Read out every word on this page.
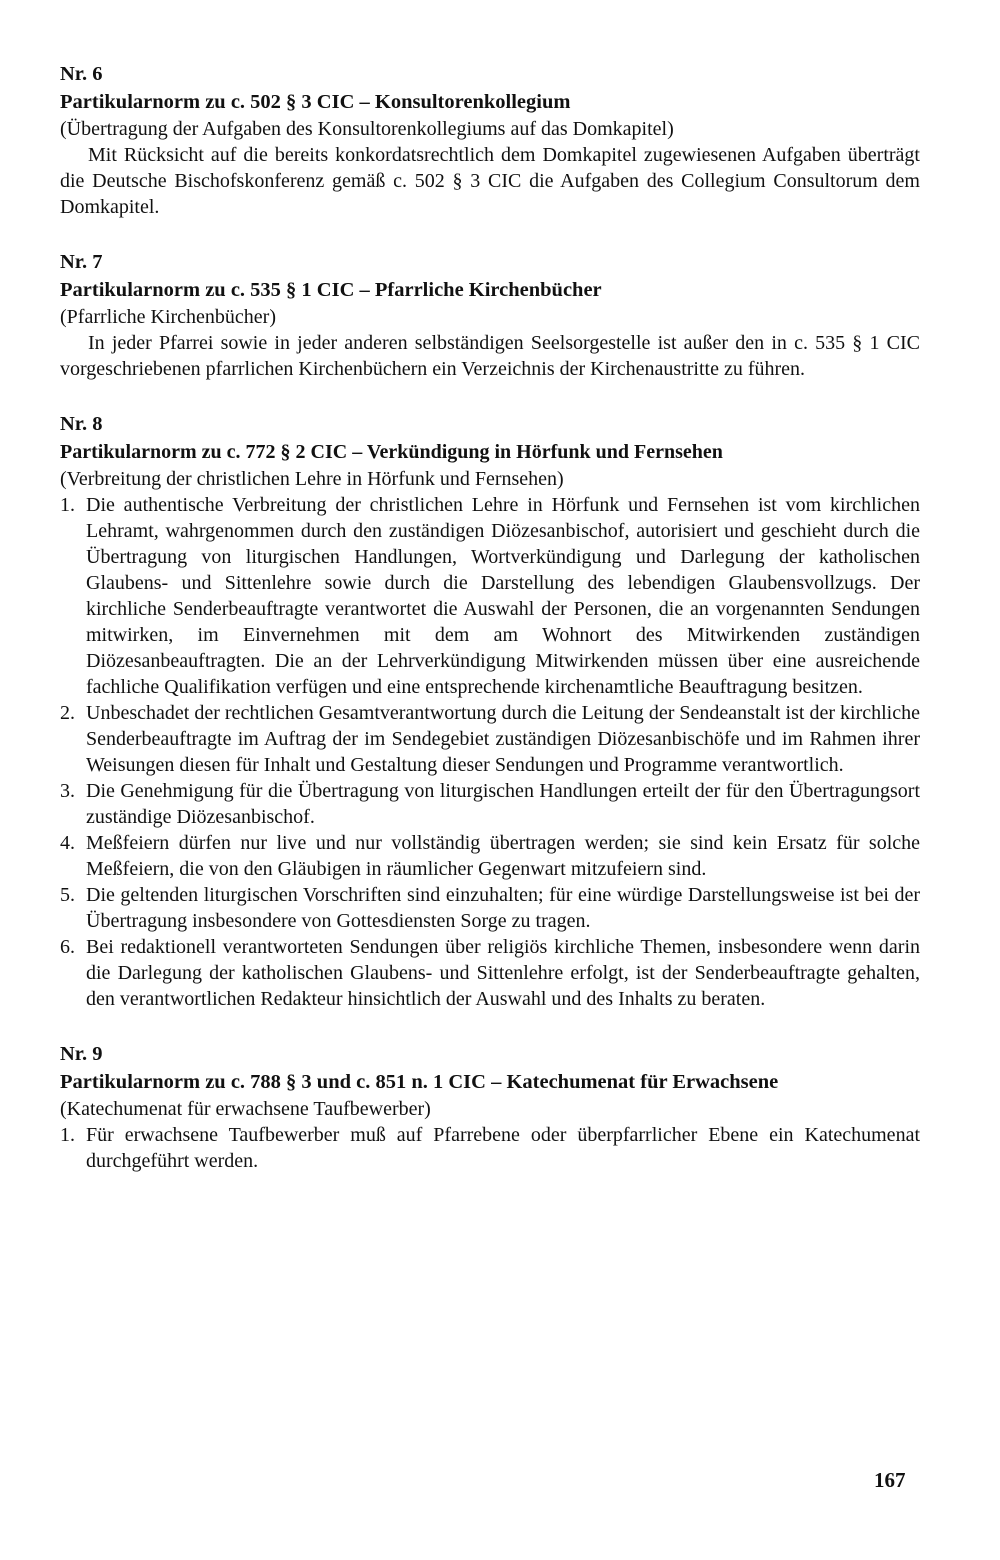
Nr. 6
Partikularnorm zu c. 502 § 3 CIC – Konsultorenkollegium
(Übertragung der Aufgaben des Konsultorenkollegiums auf das Domkapitel)
Mit Rücksicht auf die bereits konkordatsrechtlich dem Domkapitel zugewiesenen Aufgaben überträgt die Deutsche Bischofskonferenz gemäß c. 502 § 3 CIC die Aufgaben des Collegium Consultorum dem Domkapitel.
Nr. 7
Partikularnorm zu c. 535 § 1 CIC – Pfarrliche Kirchenbücher
(Pfarrliche Kirchenbücher)
In jeder Pfarrei sowie in jeder anderen selbständigen Seelsorgestelle ist außer den in c. 535 § 1 CIC vorgeschriebenen pfarrlichen Kirchenbüchern ein Verzeichnis der Kirchenaustritte zu führen.
Nr. 8
Partikularnorm zu c. 772 § 2 CIC – Verkündigung in Hörfunk und Fernsehen
(Verbreitung der christlichen Lehre in Hörfunk und Fernsehen)
1. Die authentische Verbreitung der christlichen Lehre in Hörfunk und Fernsehen ist vom kirchlichen Lehramt, wahrgenommen durch den zuständigen Diözesanbischof, autorisiert und geschieht durch die Übertragung von liturgischen Handlungen, Wortverkündigung und Darlegung der katholischen Glaubens- und Sittenlehre sowie durch die Darstellung des lebendigen Glaubensvollzugs. Der kirchliche Senderbeauftragte verantwortet die Auswahl der Personen, die an vorgenannten Sendungen mitwirken, im Einvernehmen mit dem am Wohnort des Mitwirkenden zuständigen Diözesanbeauftragten. Die an der Lehrverkündigung Mitwirkenden müssen über eine ausreichende fachliche Qualifikation verfügen und eine entsprechende kirchenamtliche Beauftragung besitzen.
2. Unbeschadet der rechtlichen Gesamtverantwortung durch die Leitung der Sendeanstalt ist der kirchliche Senderbeauftragte im Auftrag der im Sendegebiet zuständigen Diözesanbischöfe und im Rahmen ihrer Weisungen diesen für Inhalt und Gestaltung dieser Sendungen und Programme verantwortlich.
3. Die Genehmigung für die Übertragung von liturgischen Handlungen erteilt der für den Übertragungsort zuständige Diözesanbischof.
4. Meßfeiern dürfen nur live und nur vollständig übertragen werden; sie sind kein Ersatz für solche Meßfeiern, die von den Gläubigen in räumlicher Gegenwart mitzufeiern sind.
5. Die geltenden liturgischen Vorschriften sind einzuhalten; für eine würdige Darstellungsweise ist bei der Übertragung insbesondere von Gottesdiensten Sorge zu tragen.
6. Bei redaktionell verantworteten Sendungen über religiös kirchliche Themen, insbesondere wenn darin die Darlegung der katholischen Glaubens- und Sittenlehre erfolgt, ist der Senderbeauftragte gehalten, den verantwortlichen Redakteur hinsichtlich der Auswahl und des Inhalts zu beraten.
Nr. 9
Partikularnorm zu c. 788 § 3 und c. 851 n. 1 CIC – Katechumenat für Erwachsene
(Katechumenat für erwachsene Taufbewerber)
1. Für erwachsene Taufbewerber muß auf Pfarrebene oder überpfarrlicher Ebene ein Katechumenat durchgeführt werden.
167
